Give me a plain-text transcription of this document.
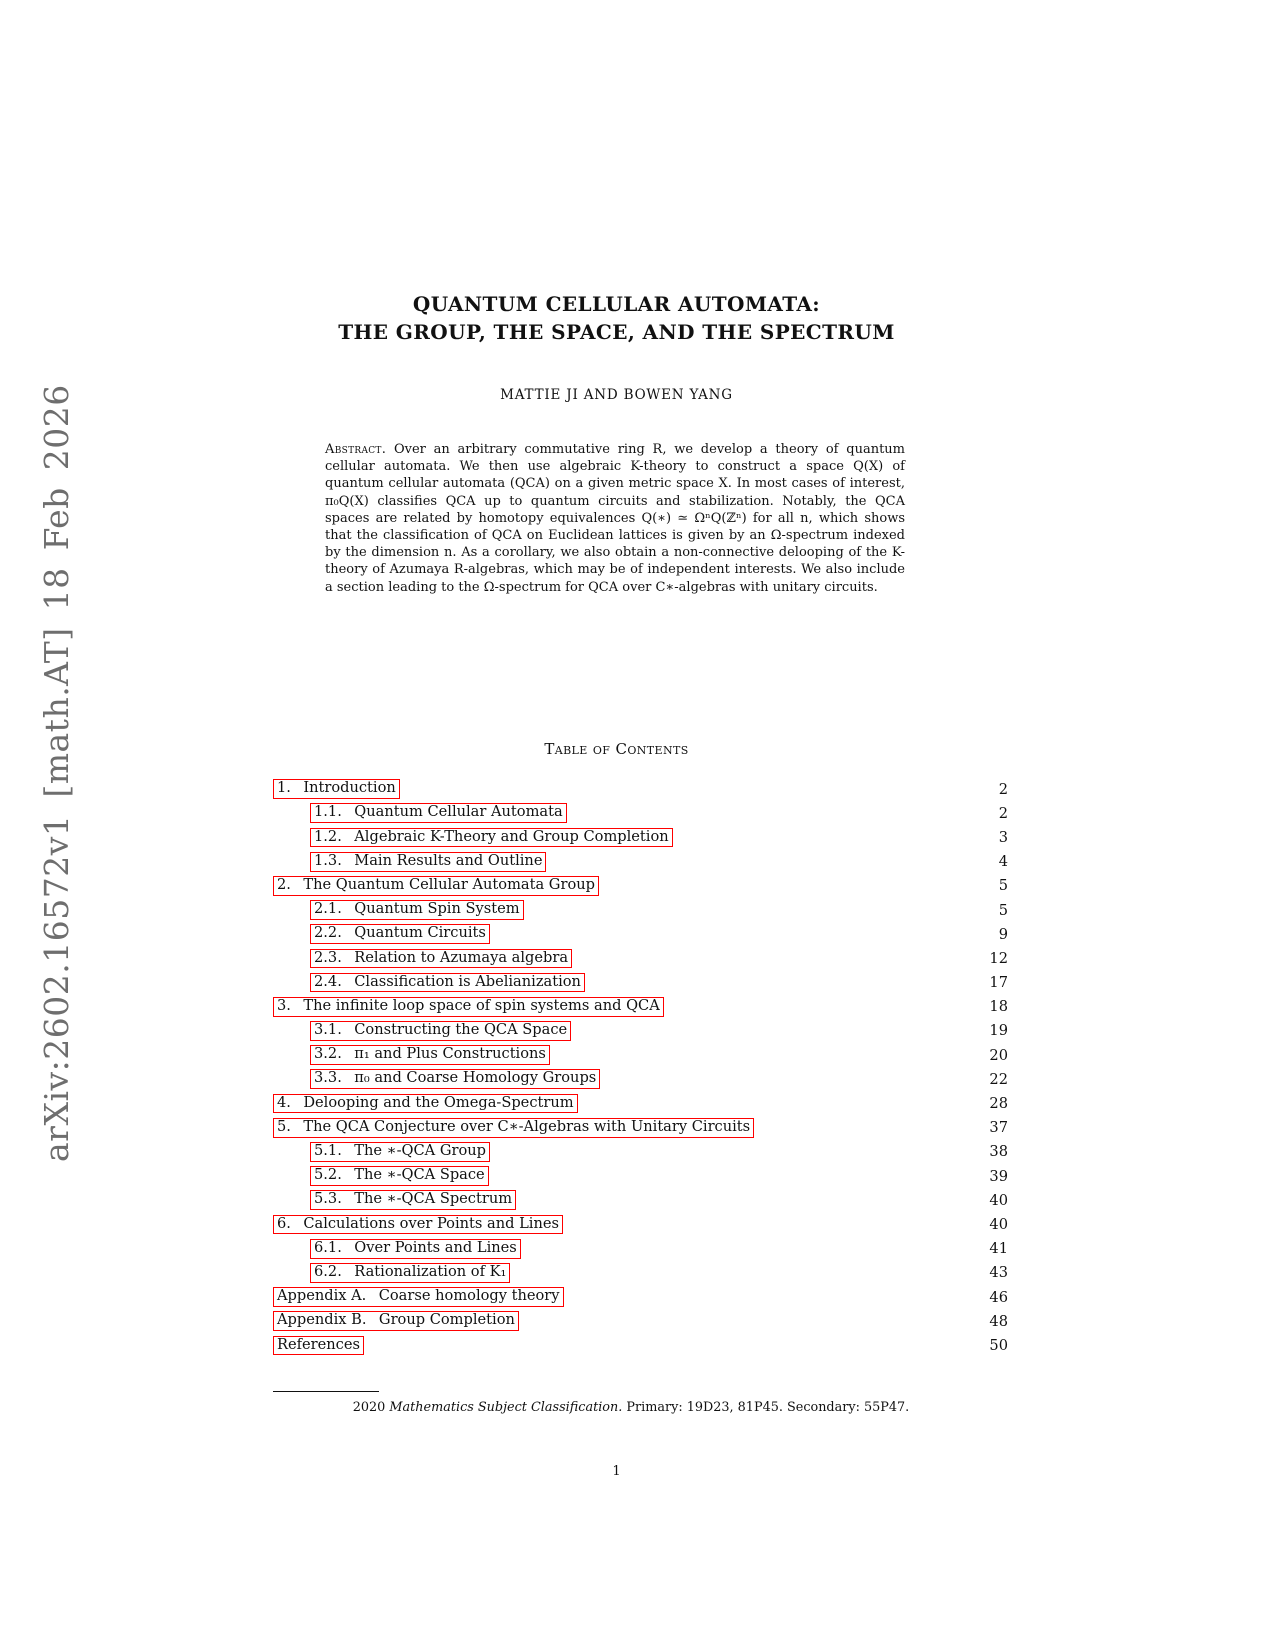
arXiv:2602.16572v1 [math.AT] 18 Feb 2026
QUANTUM CELLULAR AUTOMATA:
THE GROUP, THE SPACE, AND THE SPECTRUM
MATTIE JI AND BOWEN YANG
Abstract. Over an arbitrary commutative ring R, we develop a theory of quantum cellular automata. We then use algebraic K-theory to construct a space Q(X) of quantum cellular automata (QCA) on a given metric space X. In most cases of interest, π₀Q(X) classifies QCA up to quantum circuits and stabilization. Notably, the QCA spaces are related by homotopy equivalences Q(∗) ≃ ΩⁿQ(ℤⁿ) for all n, which shows that the classification of QCA on Euclidean lattices is given by an Ω-spectrum indexed by the dimension n. As a corollary, we also obtain a non-connective delooping of the K-theory of Azumaya R-algebras, which may be of independent interests. We also include a section leading to the Ω-spectrum for QCA over C∗-algebras with unitary circuits.
Table of Contents
1. Introduction	2
1.1. Quantum Cellular Automata	2
1.2. Algebraic K-Theory and Group Completion	3
1.3. Main Results and Outline	4
2. The Quantum Cellular Automata Group	5
2.1. Quantum Spin System	5
2.2. Quantum Circuits	9
2.3. Relation to Azumaya algebra	12
2.4. Classification is Abelianization	17
3. The infinite loop space of spin systems and QCA	18
3.1. Constructing the QCA Space	19
3.2. π₁ and Plus Constructions	20
3.3. π₀ and Coarse Homology Groups	22
4. Delooping and the Omega-Spectrum	28
5. The QCA Conjecture over C∗-Algebras with Unitary Circuits	37
5.1. The ∗-QCA Group	38
5.2. The ∗-QCA Space	39
5.3. The ∗-QCA Spectrum	40
6. Calculations over Points and Lines	40
6.1. Over Points and Lines	41
6.2. Rationalization of K₁	43
Appendix A. Coarse homology theory	46
Appendix B. Group Completion	48
References	50
2020 Mathematics Subject Classification. Primary: 19D23, 81P45. Secondary: 55P47.
1
